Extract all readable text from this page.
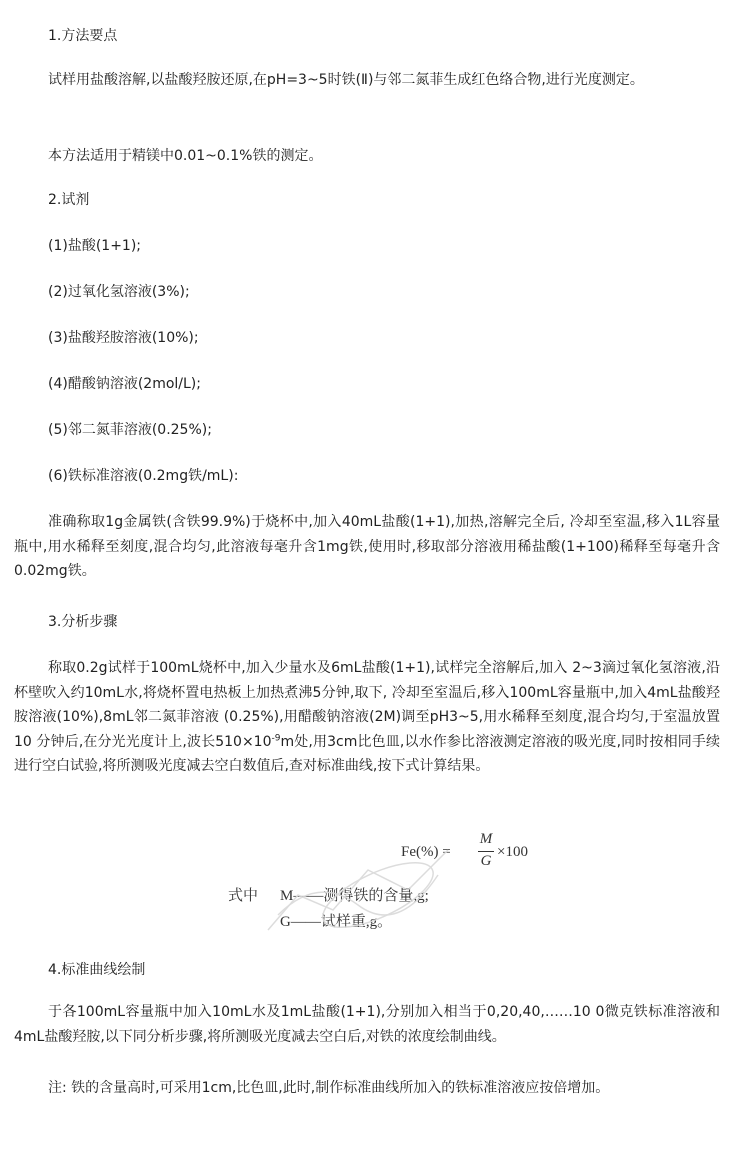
1.方法要点
试样用盐酸溶解,以盐酸羟胺还原,在pH=3~5时铁(Ⅱ)与邻二氮菲生成红色络合物,进行光度测定。
本方法适用于精镁中0.01~0.1%铁的测定。
2.试剂
(1)盐酸(1+1);
(2)过氧化氢溶液(3%);
(3)盐酸羟胺溶液(10%);
(4)醋酸钠溶液(2mol/L);
(5)邻二氮菲溶液(0.25%);
(6)铁标准溶液(0.2mg铁/mL):
准确称取1g金属铁(含铁99.9%)于烧杯中,加入40mL盐酸(1+1),加热,溶解完全后, 冷却至室温,移入1L容量瓶中,用水稀释至刻度,混合均匀,此溶液每毫升含1mg铁,使用时,移取部分溶液用稀盐酸(1+100)稀释至每毫升含0.02mg铁。
3.分析步骤
称取0.2g试样于100mL烧杯中,加入少量水及6mL盐酸(1+1),试样完全溶解后,加入 2~3滴过氧化氢溶液,沿杯壁吹入约10mL水,将烧杯置电热板上加热煮沸5分钟,取下, 冷却至室温后,移入100mL容量瓶中,加入4mL盐酸羟胺溶液(10%),8mL邻二氮菲溶液 (0.25%),用醋酸钠溶液(2M)调至pH3~5,用水稀释至刻度,混合均匀,于室温放置10 分钟后,在分光光度计上,波长$510\times 10^{-9}m$处,用3cm比色皿,以水作参比溶液测定溶液的吸光度,同时按相同手续进行空白试验,将所测吸光度减去空白数值后,查对标准曲线,按下式计算结果。
Fe(%) =
M
G
×100
式中 M——测得铁的含量,g;
G——试样重,g。
4.标准曲线绘制
于各100mL容量瓶中加入10mL水及1mL盐酸(1+1),分别加入相当于0,20,40,……10 0微克铁标准溶液和4mL盐酸羟胺,以下同分析步骤,将所测吸光度减去空白后,对铁的浓度绘制曲线。
注: 铁的含量高时,可采用1cm,比色皿,此时,制作标准曲线所加入的铁标准溶液应按倍增加。
